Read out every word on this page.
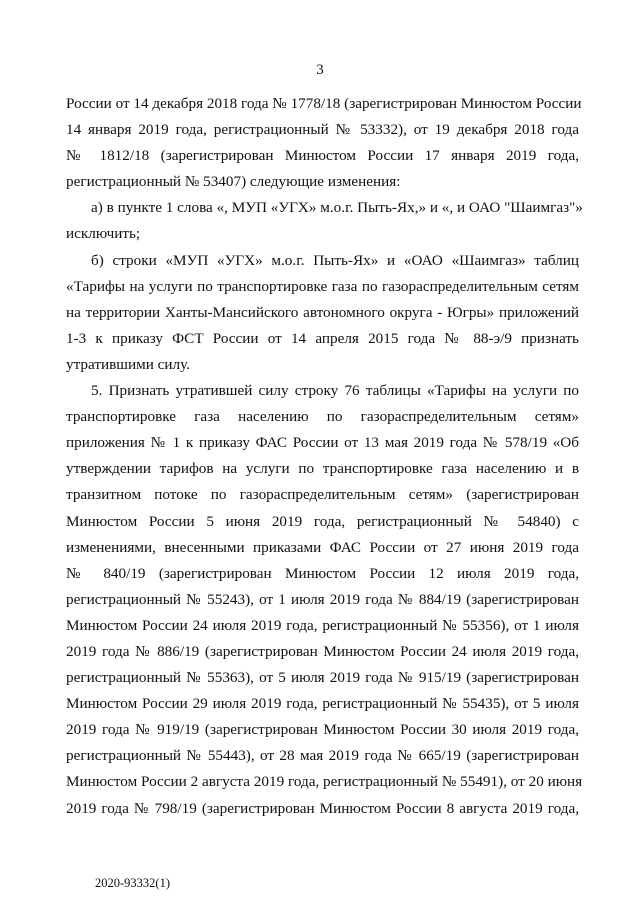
3
России от 14 декабря 2018 года № 1778/18 (зарегистрирован Минюстом России
14 января 2019 года, регистрационный № 53332), от 19 декабря 2018 года
№ 1812/18 (зарегистрирован Минюстом России 17 января 2019 года,
регистрационный № 53407) следующие изменения:
а) в пункте 1 слова «, МУП «УГХ» м.о.г. Пыть-Ях,» и «, и ОАО "Шаимгаз"»
исключить;
б) строки «МУП «УГХ» м.о.г. Пыть-Ях» и «ОАО «Шаимгаз» таблиц
«Тарифы на услуги по транспортировке газа по газораспределительным сетям
на территории Ханты-Мансийского автономного округа - Югры» приложений
1-3 к приказу ФСТ России от 14 апреля 2015 года № 88-э/9 признать
утратившими силу.
5. Признать утратившей силу строку 76 таблицы «Тарифы на услуги по
транспортировке газа населению по газораспределительным сетям»
приложения № 1 к приказу ФАС России от 13 мая 2019 года № 578/19 «Об
утверждении тарифов на услуги по транспортировке газа населению и в
транзитном потоке по газораспределительным сетям» (зарегистрирован
Минюстом России 5 июня 2019 года, регистрационный № 54840) с
изменениями, внесенными приказами ФАС России от 27 июня 2019 года
№ 840/19 (зарегистрирован Минюстом России 12 июля 2019 года,
регистрационный № 55243), от 1 июля 2019 года № 884/19 (зарегистрирован
Минюстом России 24 июля 2019 года, регистрационный № 55356), от 1 июля
2019 года № 886/19 (зарегистрирован Минюстом России 24 июля 2019 года,
регистрационный № 55363), от 5 июля 2019 года № 915/19 (зарегистрирован
Минюстом России 29 июля 2019 года, регистрационный № 55435), от 5 июля
2019 года № 919/19 (зарегистрирован Минюстом России 30 июля 2019 года,
регистрационный № 55443), от 28 мая 2019 года № 665/19 (зарегистрирован
Минюстом России 2 августа 2019 года, регистрационный № 55491), от 20 июня
2019 года № 798/19 (зарегистрирован Минюстом России 8 августа 2019 года,
2020-93332(1)
